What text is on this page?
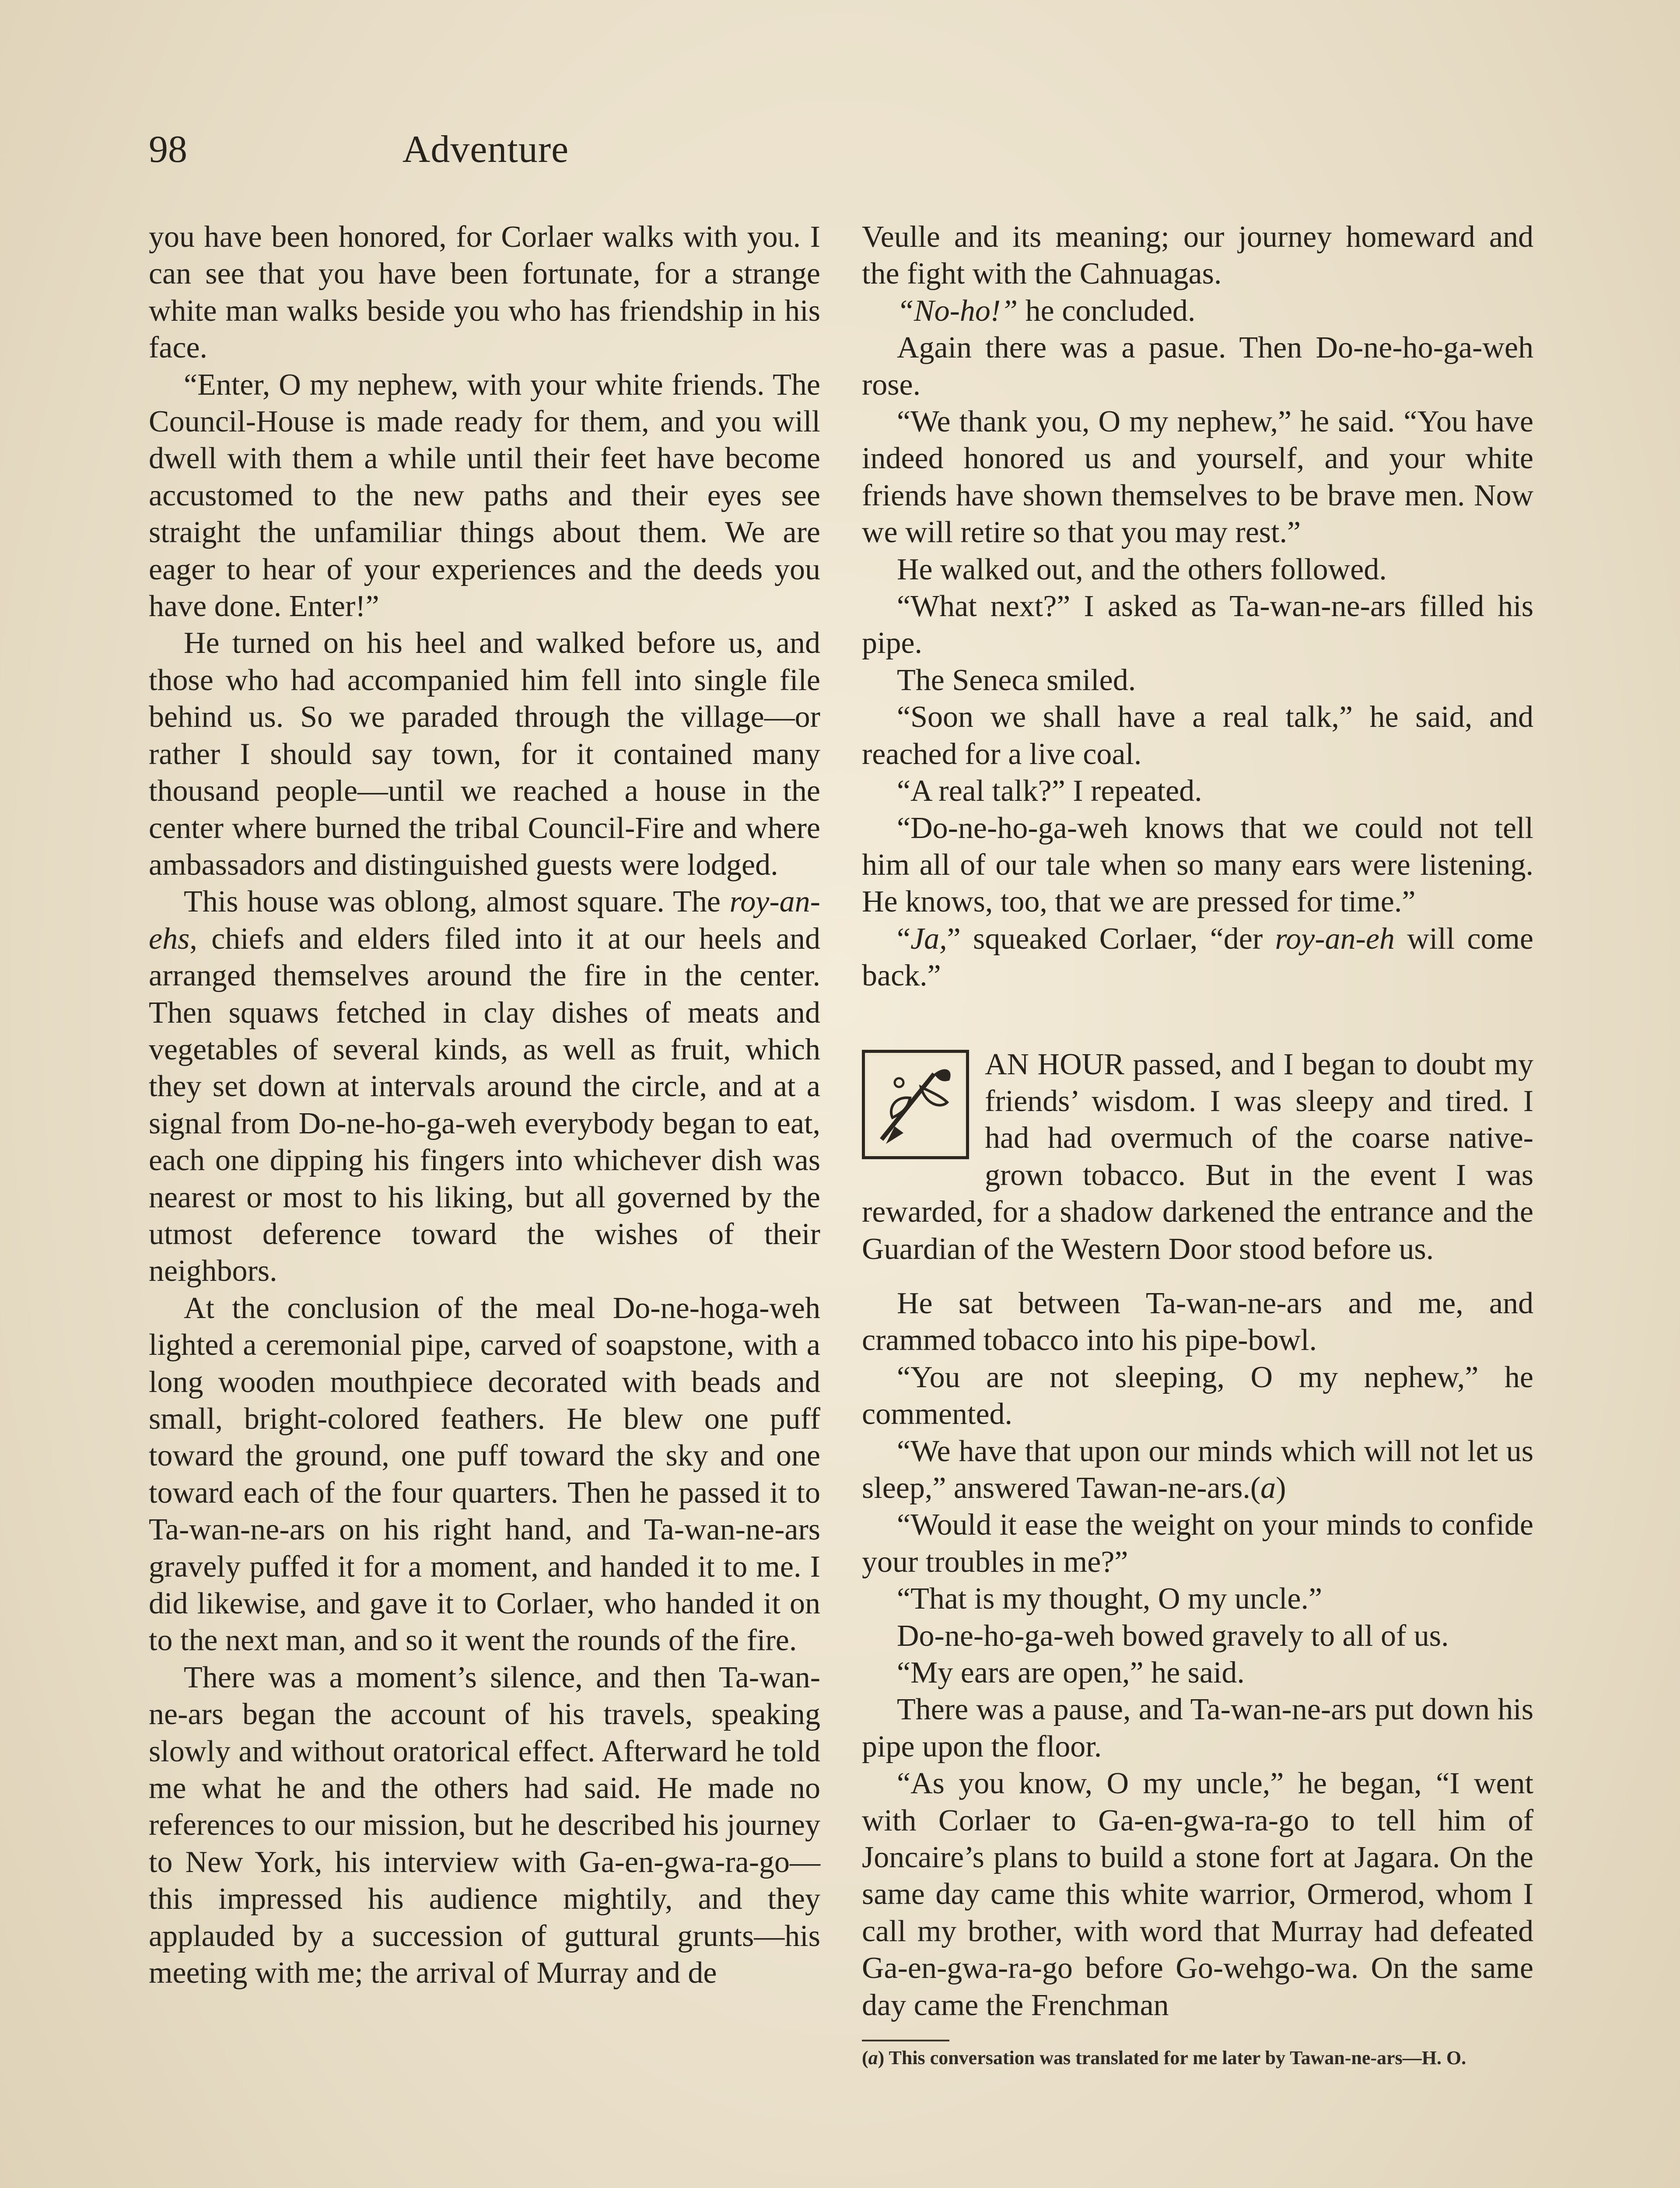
98	Adventure

you have been honored, for Corlaer walks with you. I can see that you have been fortunate, for a strange white man walks beside you who has friendship in his face.

“Enter, O my nephew, with your white friends. The Council-House is made ready for them, and you will dwell with them a while until their feet have become accustomed to the new paths and their eyes see straight the unfamiliar things about them. We are eager to hear of your experiences and the deeds you have done. Enter!”

He turned on his heel and walked before us, and those who had accompanied him fell into single file behind us. So we paraded through the village—or rather I should say town, for it contained many thousand people—until we reached a house in the center where burned the tribal Council-Fire and where ambassadors and distinguished guests were lodged.

This house was oblong, almost square. The roy-an-ehs, chiefs and elders filed into it at our heels and arranged themselves around the fire in the center. Then squaws fetched in clay dishes of meats and vegetables of several kinds, as well as fruit, which they set down at intervals around the circle, and at a signal from Do-ne-ho-ga-weh everybody began to eat, each one dipping his fingers into whichever dish was nearest or most to his liking, but all governed by the utmost deference toward the wishes of their neighbors.

At the conclusion of the meal Do-ne-hoga-weh lighted a ceremonial pipe, carved of soapstone, with a long wooden mouthpiece decorated with beads and small, bright-colored feathers. He blew one puff toward the ground, one puff toward the sky and one toward each of the four quarters. Then he passed it to Ta-wan-ne-ars on his right hand, and Ta-wan-ne-ars gravely puffed it for a moment, and handed it to me. I did likewise, and gave it to Corlaer, who handed it on to the next man, and so it went the rounds of the fire.

There was a moment’s silence, and then Ta-wan-ne-ars began the account of his travels, speaking slowly and without oratorical effect. Afterward he told me what he and the others had said. He made no references to our mission, but he described his journey to New York, his interview with Ga-en-gwa-ra-go—this impressed his audience mightily, and they applauded by a succession of guttural grunts—his meeting with me; the arrival of Murray and de

Veulle and its meaning; our journey homeward and the fight with the Cahnuagas.

“No-ho!” he concluded.

Again there was a pasue. Then Do-ne-ho-ga-weh rose.

“We thank you, O my nephew,” he said. “You have indeed honored us and yourself, and your white friends have shown themselves to be brave men. Now we will retire so that you may rest.”

He walked out, and the others followed.

“What next?” I asked as Ta-wan-ne-ars filled his pipe.

The Seneca smiled.

“Soon we shall have a real talk,” he said, and reached for a live coal.

“A real talk?” I repeated.

“Do-ne-ho-ga-weh knows that we could not tell him all of our tale when so many ears were listening. He knows, too, that we are pressed for time.”

“Ja,” squeaked Corlaer, “der roy-an-eh will come back.”

AN HOUR passed, and I began to doubt my friends’ wisdom. I was sleepy and tired. I had had overmuch of the coarse native-grown tobacco. But in the event I was rewarded, for a shadow darkened the entrance and the Guardian of the Western Door stood before us.

He sat between Ta-wan-ne-ars and me, and crammed tobacco into his pipe-bowl.

“You are not sleeping, O my nephew,” he commented.

“We have that upon our minds which will not let us sleep,” answered Tawan-ne-ars.(a)

“Would it ease the weight on your minds to confide your troubles in me?”

“That is my thought, O my uncle.”

Do-ne-ho-ga-weh bowed gravely to all of us.

“My ears are open,” he said.

There was a pause, and Ta-wan-ne-ars put down his pipe upon the floor.

“As you know, O my uncle,” he began, “I went with Corlaer to Ga-en-gwa-ra-go to tell him of Joncaire’s plans to build a stone fort at Jagara. On the same day came this white warrior, Ormerod, whom I call my brother, with word that Murray had defeated Ga-en-gwa-ra-go before Go-wehgo-wa. On the same day came the Frenchman

(a) This conversation was translated for me later by Tawan-ne-ars—H. O.
